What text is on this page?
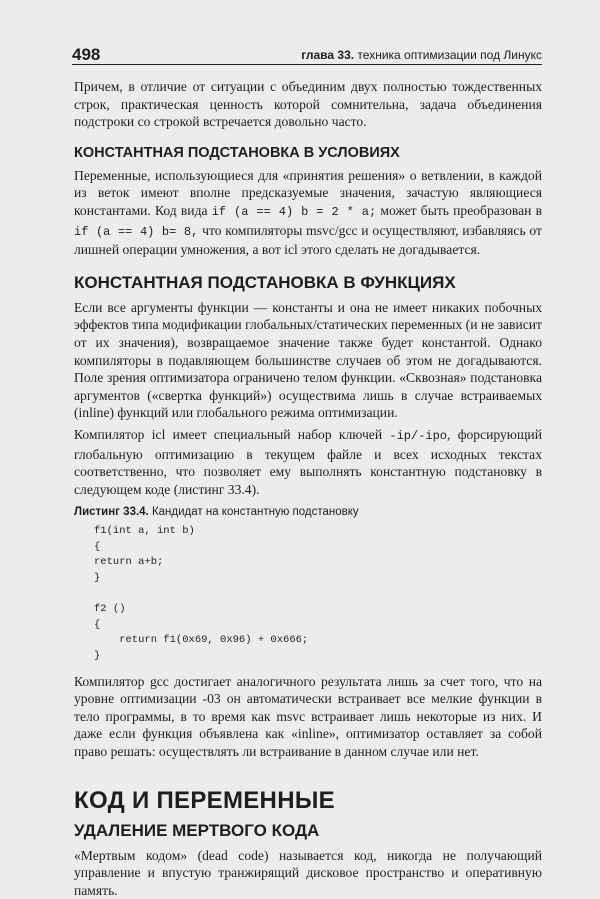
498	глава 33. техника оптимизации под Линукс

Причем, в отличие от ситуации с объединим двух полностью тождественных строк, практическая ценность которой сомнительна, задача объединения подстроки со строкой встречается довольно часто.

КОНСТАНТНАЯ ПОДСТАНОВКА В УСЛОВИЯХ

Переменные, использующиеся для «принятия решения» о ветвлении, в каждой из веток имеют вполне предсказуемые значения, зачастую являющиеся константами. Код вида if (a == 4) b = 2 * a; может быть преобразован в if (a == 4) b= 8, что компиляторы msvc/gcc и осуществляют, избавляясь от лишней операции умножения, а вот icl этого сделать не догадывается.

КОНСТАНТНАЯ ПОДСТАНОВКА В ФУНКЦИЯХ

Если все аргументы функции — константы и она не имеет никаких побочных эффектов типа модификации глобальных/статических переменных (и не зависит от их значения), возвращаемое значение также будет константой. Однако компиляторы в подавляющем большинстве случаев об этом не догадываются. Поле зрения оптимизатора ограничено телом функции. «Сквозная» подстановка аргументов («свертка функций») осуществима лишь в случае встраиваемых (inline) функций или глобального режима оптимизации.

Компилятор icl имеет специальный набор ключей -ip/-ipo, форсирующий глобальную оптимизацию в текущем файле и всех исходных текстах соответственно, что позволяет ему выполнять константную подстановку в следующем коде (листинг 33.4).

Листинг 33.4. Кандидат на константную подстановку
f1(int a, int b)
{
return a+b;
}

f2 ()
{
return f1(0x69, 0x96) + 0x666;
}

Компилятор gcc достигает аналогичного результата лишь за счет того, что на уровне оптимизации -03 он автоматически встраивает все мелкие функции в тело программы, в то время как msvc встраивает лишь некоторые из них. И даже если функция объявлена как «inline», оптимизатор оставляет за собой право решать: осуществлять ли встраивание в данном случае или нет.

КОД И ПЕРЕМЕННЫЕ
УДАЛЕНИЕ МЕРТВОГО КОДА

«Мертвым кодом» (dead code) называется код, никогда не получающий управление и впустую транжирящий дисковое пространство и оперативную память.
